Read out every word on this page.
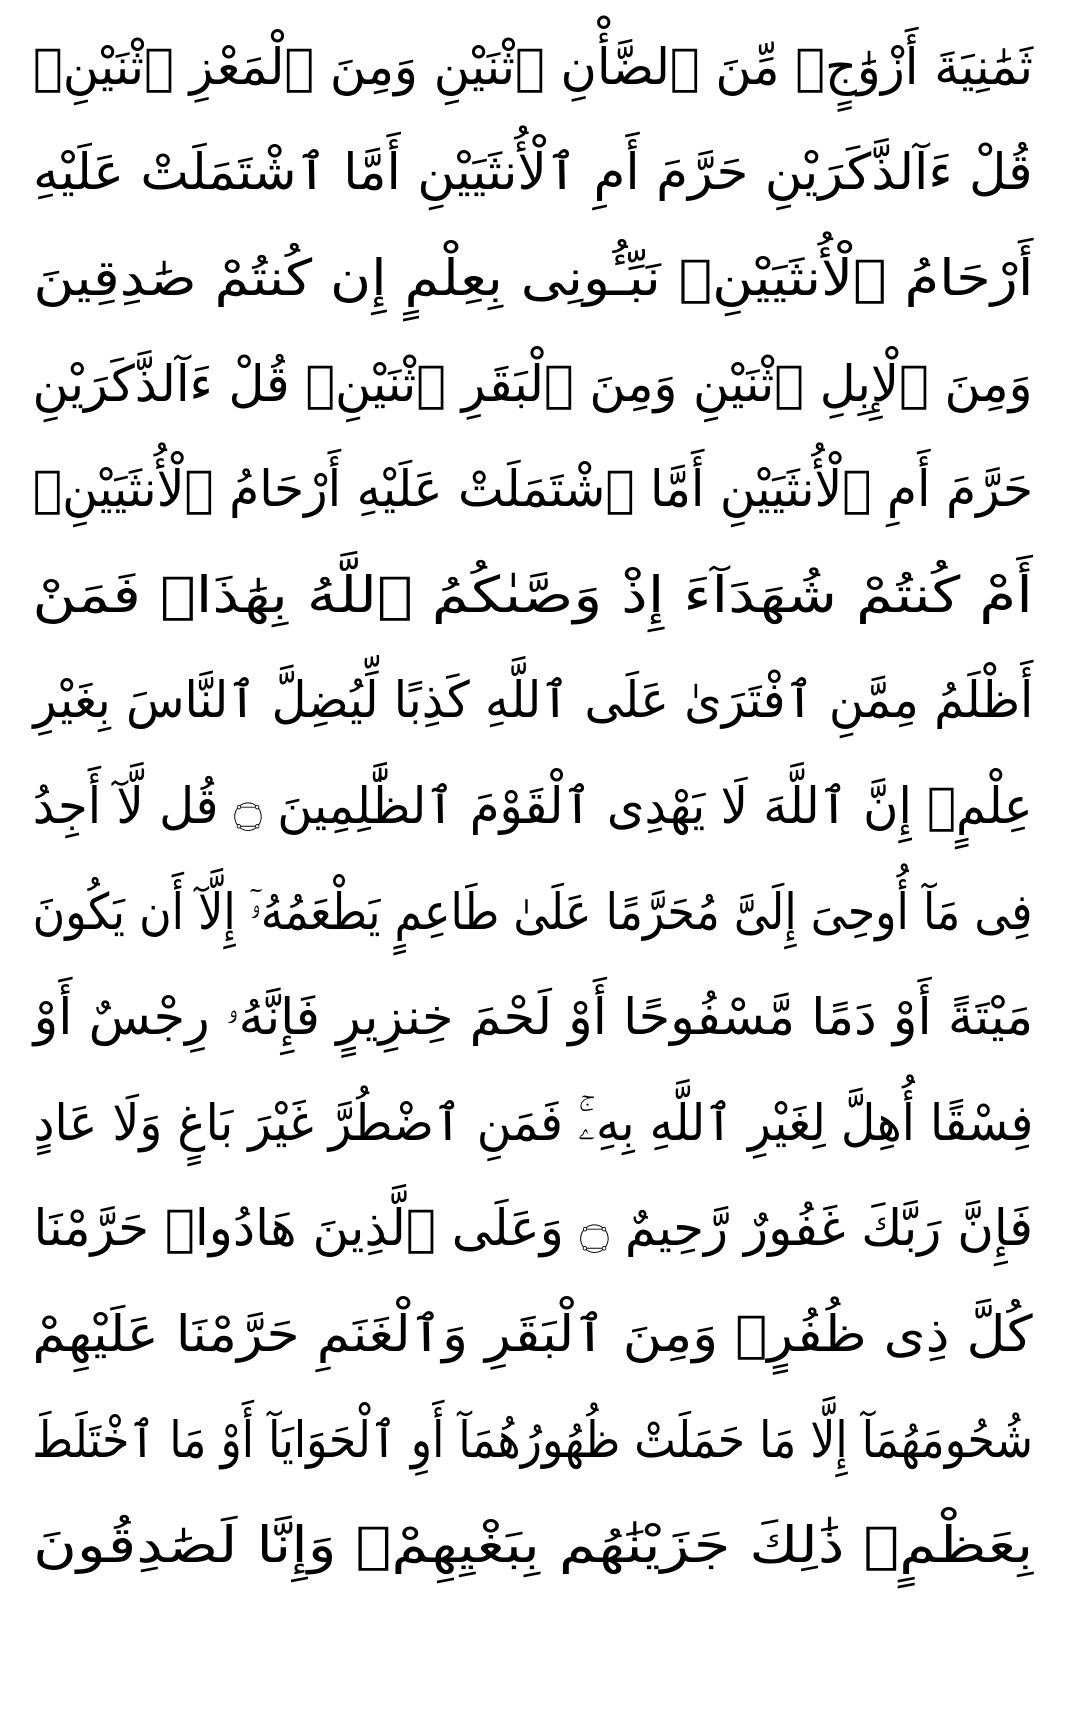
ثَمَٰنِيَةَ أَزْوَٰجٍۖ مِّنَ ٱلضَّأْنِ ٱثْنَيْنِ وَمِنَ ٱلْمَعْزِ ٱثْنَيْنِۗ
قُلْ ءَآلذَّكَرَيْنِ حَرَّمَ أَمِ ٱلْأُنثَيَيْنِ أَمَّا ٱشْتَمَلَتْ عَلَيْهِ
أَرْحَامُ ٱلْأُنثَيَيْنِۖ نَبِّـُٔونِى بِعِلْمٍ إِن كُنتُمْ صَٰدِقِينَ
وَمِنَ ٱلْإِبِلِ ٱثْنَيْنِ وَمِنَ ٱلْبَقَرِ ٱثْنَيْنِۗ قُلْ ءَآلذَّكَرَيْنِ
حَرَّمَ أَمِ ٱلْأُنثَيَيْنِ أَمَّا ٱشْتَمَلَتْ عَلَيْهِ أَرْحَامُ ٱلْأُنثَيَيْنِۖ
أَمْ كُنتُمْ شُهَدَآءَ إِذْ وَصَّىٰكُمُ ٱللَّهُ بِهَٰذَاۚ فَمَنْ
أَظْلَمُ مِمَّنِ ٱفْتَرَىٰ عَلَى ٱللَّهِ كَذِبًا لِّيُضِلَّ ٱلنَّاسَ بِغَيْرِ
عِلْمٍۗ إِنَّ ٱللَّهَ لَا يَهْدِى ٱلْقَوْمَ ٱلظَّٰلِمِينَ ۝ قُل لَّآ أَجِدُ
فِى مَآ أُوحِىَ إِلَىَّ مُحَرَّمًا عَلَىٰ طَاعِمٍ يَطْعَمُهُۥٓ إِلَّآ أَن يَكُونَ
مَيْتَةً أَوْ دَمًا مَّسْفُوحًا أَوْ لَحْمَ خِنزِيرٍ فَإِنَّهُۥ رِجْسٌ أَوْ
فِسْقًا أُهِلَّ لِغَيْرِ ٱللَّهِ بِهِۦۚ فَمَنِ ٱضْطُرَّ غَيْرَ بَاغٍ وَلَا عَادٍ
فَإِنَّ رَبَّكَ غَفُورٌ رَّحِيمٌ ۝ وَعَلَى ٱلَّذِينَ هَادُوا۟ حَرَّمْنَا
كُلَّ ذِى ظُفُرٍۖ وَمِنَ ٱلْبَقَرِ وَٱلْغَنَمِ حَرَّمْنَا عَلَيْهِمْ
شُحُومَهُمَآ إِلَّا مَا حَمَلَتْ ظُهُورُهُمَآ أَوِ ٱلْحَوَايَآ أَوْ مَا ٱخْتَلَطَ
بِعَظْمٍۚ ذَٰلِكَ جَزَيْنَٰهُم بِبَغْيِهِمْۖ وَإِنَّا لَصَٰدِقُونَ
